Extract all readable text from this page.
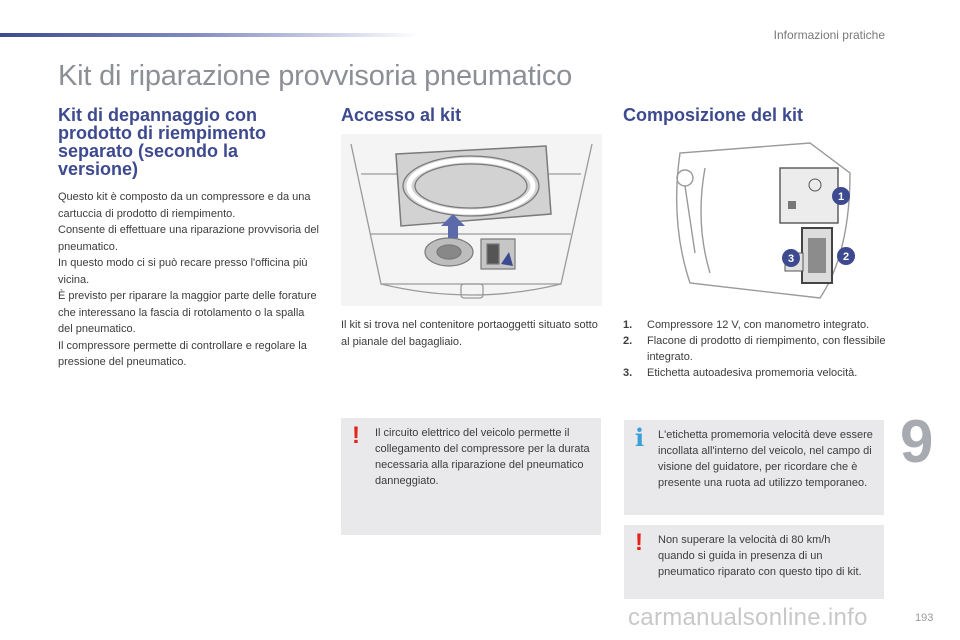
Informazioni pratiche
Kit di riparazione provvisoria pneumatico
Kit di depannaggio con prodotto di riempimento separato (secondo la versione)

Questo kit è composto da un compressore e da una cartuccia di prodotto di riempimento.

Consente di effettuare una riparazione provvisoria del pneumatico.

In questo modo ci si può recare presso l'officina più vicina.

È previsto per riparare la maggior parte delle forature che interessano la fascia di rotolamento o la spalla del pneumatico.

Il compressore permette di controllare e regolare la pressione del pneumatico.

Accesso al kit
Il kit si trova nel contenitore portaoggetti situato sotto al pianale del bagagliaio.
! Il circuito elettrico del veicolo permette il collegamento del compressore per la durata necessaria alla riparazione del pneumatico danneggiato.
Composizione del kit
1
2
3
1. Compressore 12 V, con manometro integrato.
2. Flacone di prodotto di riempimento, con flessibile integrato.
3. Etichetta autoadesiva promemoria velocità.
i L'etichetta promemoria velocità deve essere incollata all'interno del veicolo, nel campo di visione del guidatore, per ricordare che è presente una ruota ad utilizzo temporaneo.
! Non superare la velocità di 80 km/h quando si guida in presenza di un pneumatico riparato con questo tipo di kit.
9
193
carmanualsonline.info
